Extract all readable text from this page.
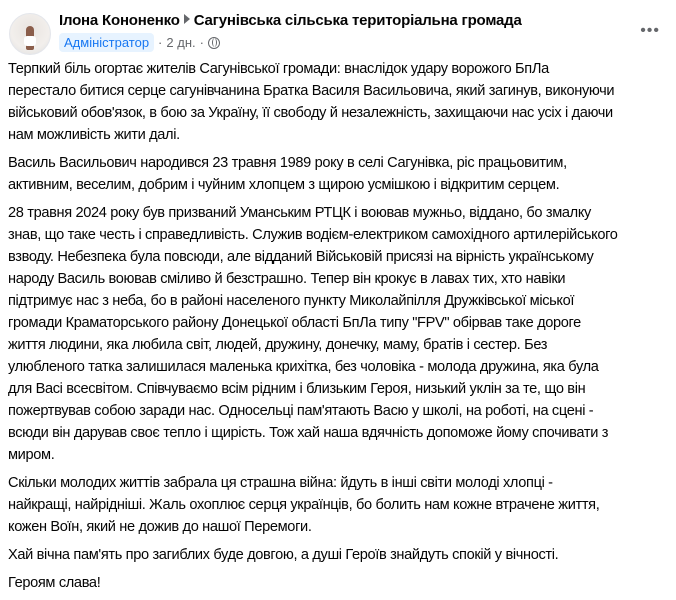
Ілона Кононенко Сагунівська сільська територіальна громада
Адміністратор · 2 дн. ·
•••
Терпкий біль огортає жителів Сагунівської громади: внаслідок удару ворожого БпЛа
перестало битися серце сагунівчанина Братка Василя Васильовича, який загинув, виконуючи
військовий обов'язок, в бою за Україну, її свободу й незалежність, захищаючи нас усіх і даючи
нам можливість жити далі.
Василь Васильович народився 23 травня 1989 року в селі Сагунівка, ріс працьовитим,
активним, веселим, добрим і чуйним хлопцем з щирою усмішкою і відкритим серцем.
28 травня 2024 року був призваний Уманським РТЦК і воював мужньо, віддано, бо змалку
знав, що таке честь і справедливість. Служив водієм-електриком самохідного артилерійського
взводу. Небезпека була повсюди, але відданий Військовій присязі на вірність українському
народу Василь воював сміливо й безстрашно. Тепер він крокує в лавах тих, хто навіки
підтримує нас з неба, бо в районі населеного пункту Миколайпілля Дружківської міської
громади Краматорського району Донецької області БпЛа типу "FPV" обірвав таке дороге
життя людини, яка любила світ, людей, дружину, донечку, маму, братів і сестер. Без
улюбленого татка залишилася маленька крихітка, без чоловіка - молода дружина, яка була
для Васі всесвітом. Співчуваємо всім рідним і близьким Героя, низький уклін за те, що він
пожертвував собою заради нас. Односельці пам'ятають Васю у школі, на роботі, на сцені -
всюди він дарував своє тепло і щирість. Тож хай наша вдячність допоможе йому спочивати з
миром.
Скільки молодих життів забрала ця страшна війна: йдуть в інші світи молоді хлопці -
найкращі, найрідніші. Жаль охоплює серця українців, бо болить нам кожне втрачене життя,
кожен Воїн, який не дожив до нашої Перемоги.
Хай вічна пам'ять про загиблих буде довгою, а душі Героїв знайдуть спокій у вічності.
Героям слава!
